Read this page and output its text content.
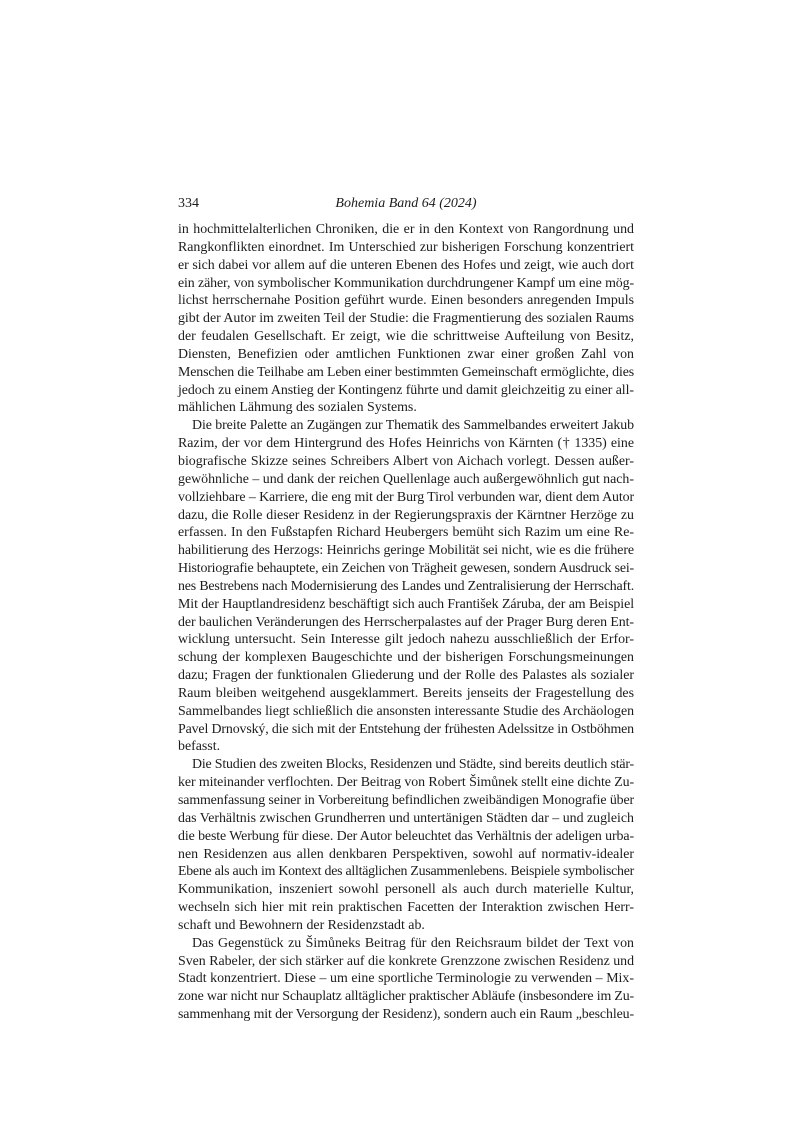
334	Bohemia Band 64 (2024)
in hochmittelalterlichen Chroniken, die er in den Kontext von Rangordnung und
Rangkonflikten einordnet. Im Unterschied zur bisherigen Forschung konzentriert
er sich dabei vor allem auf die unteren Ebenen des Hofes und zeigt, wie auch dort
ein zäher, von symbolischer Kommunikation durchdrungener Kampf um eine mög-
lichst herrschernahe Position geführt wurde. Einen besonders anregenden Impuls
gibt der Autor im zweiten Teil der Studie: die Fragmentierung des sozialen Raums
der feudalen Gesellschaft. Er zeigt, wie die schrittweise Aufteilung von Besitz,
Diensten, Benefizien oder amtlichen Funktionen zwar einer großen Zahl von
Menschen die Teilhabe am Leben einer bestimmten Gemeinschaft ermöglichte, dies
jedoch zu einem Anstieg der Kontingenz führte und damit gleichzeitig zu einer all-
mählichen Lähmung des sozialen Systems.
Die breite Palette an Zugängen zur Thematik des Sammelbandes erweitert Jakub
Razim, der vor dem Hintergrund des Hofes Heinrichs von Kärnten († 1335) eine
biografische Skizze seines Schreibers Albert von Aichach vorlegt. Dessen außer-
gewöhnliche – und dank der reichen Quellenlage auch außergewöhnlich gut nach-
vollziehbare – Karriere, die eng mit der Burg Tirol verbunden war, dient dem Autor
dazu, die Rolle dieser Residenz in der Regierungspraxis der Kärntner Herzöge zu
erfassen. In den Fußstapfen Richard Heubergers bemüht sich Razim um eine Re-
habilitierung des Herzogs: Heinrichs geringe Mobilität sei nicht, wie es die frühere
Historiografie behauptete, ein Zeichen von Trägheit gewesen, sondern Ausdruck sei-
nes Bestrebens nach Modernisierung des Landes und Zentralisierung der Herrschaft.
Mit der Hauptlandresidenz beschäftigt sich auch František Záruba, der am Beispiel
der baulichen Veränderungen des Herrscherpalastes auf der Prager Burg deren Ent-
wicklung untersucht. Sein Interesse gilt jedoch nahezu ausschließlich der Erfor-
schung der komplexen Baugeschichte und der bisherigen Forschungsmeinungen
dazu; Fragen der funktionalen Gliederung und der Rolle des Palastes als sozialer
Raum bleiben weitgehend ausgeklammert. Bereits jenseits der Fragestellung des
Sammelbandes liegt schließlich die ansonsten interessante Studie des Archäologen
Pavel Drnovský, die sich mit der Entstehung der frühesten Adelssitze in Ostböhmen
befasst.
Die Studien des zweiten Blocks, Residenzen und Städte, sind bereits deutlich stär-
ker miteinander verflochten. Der Beitrag von Robert Šimůnek stellt eine dichte Zu-
sammenfassung seiner in Vorbereitung befindlichen zweibändigen Monografie über
das Verhältnis zwischen Grundherren und untertänigen Städten dar – und zugleich
die beste Werbung für diese. Der Autor beleuchtet das Verhältnis der adeligen urba-
nen Residenzen aus allen denkbaren Perspektiven, sowohl auf normativ-idealer
Ebene als auch im Kontext des alltäglichen Zusammenlebens. Beispiele symbolischer
Kommunikation, inszeniert sowohl personell als auch durch materielle Kultur,
wechseln sich hier mit rein praktischen Facetten der Interaktion zwischen Herr-
schaft und Bewohnern der Residenzstadt ab.
Das Gegenstück zu Šimůneks Beitrag für den Reichsraum bildet der Text von
Sven Rabeler, der sich stärker auf die konkrete Grenzzone zwischen Residenz und
Stadt konzentriert. Diese – um eine sportliche Terminologie zu verwenden – Mix-
zone war nicht nur Schauplatz alltäglicher praktischer Abläufe (insbesondere im Zu-
sammenhang mit der Versorgung der Residenz), sondern auch ein Raum „beschleu-
